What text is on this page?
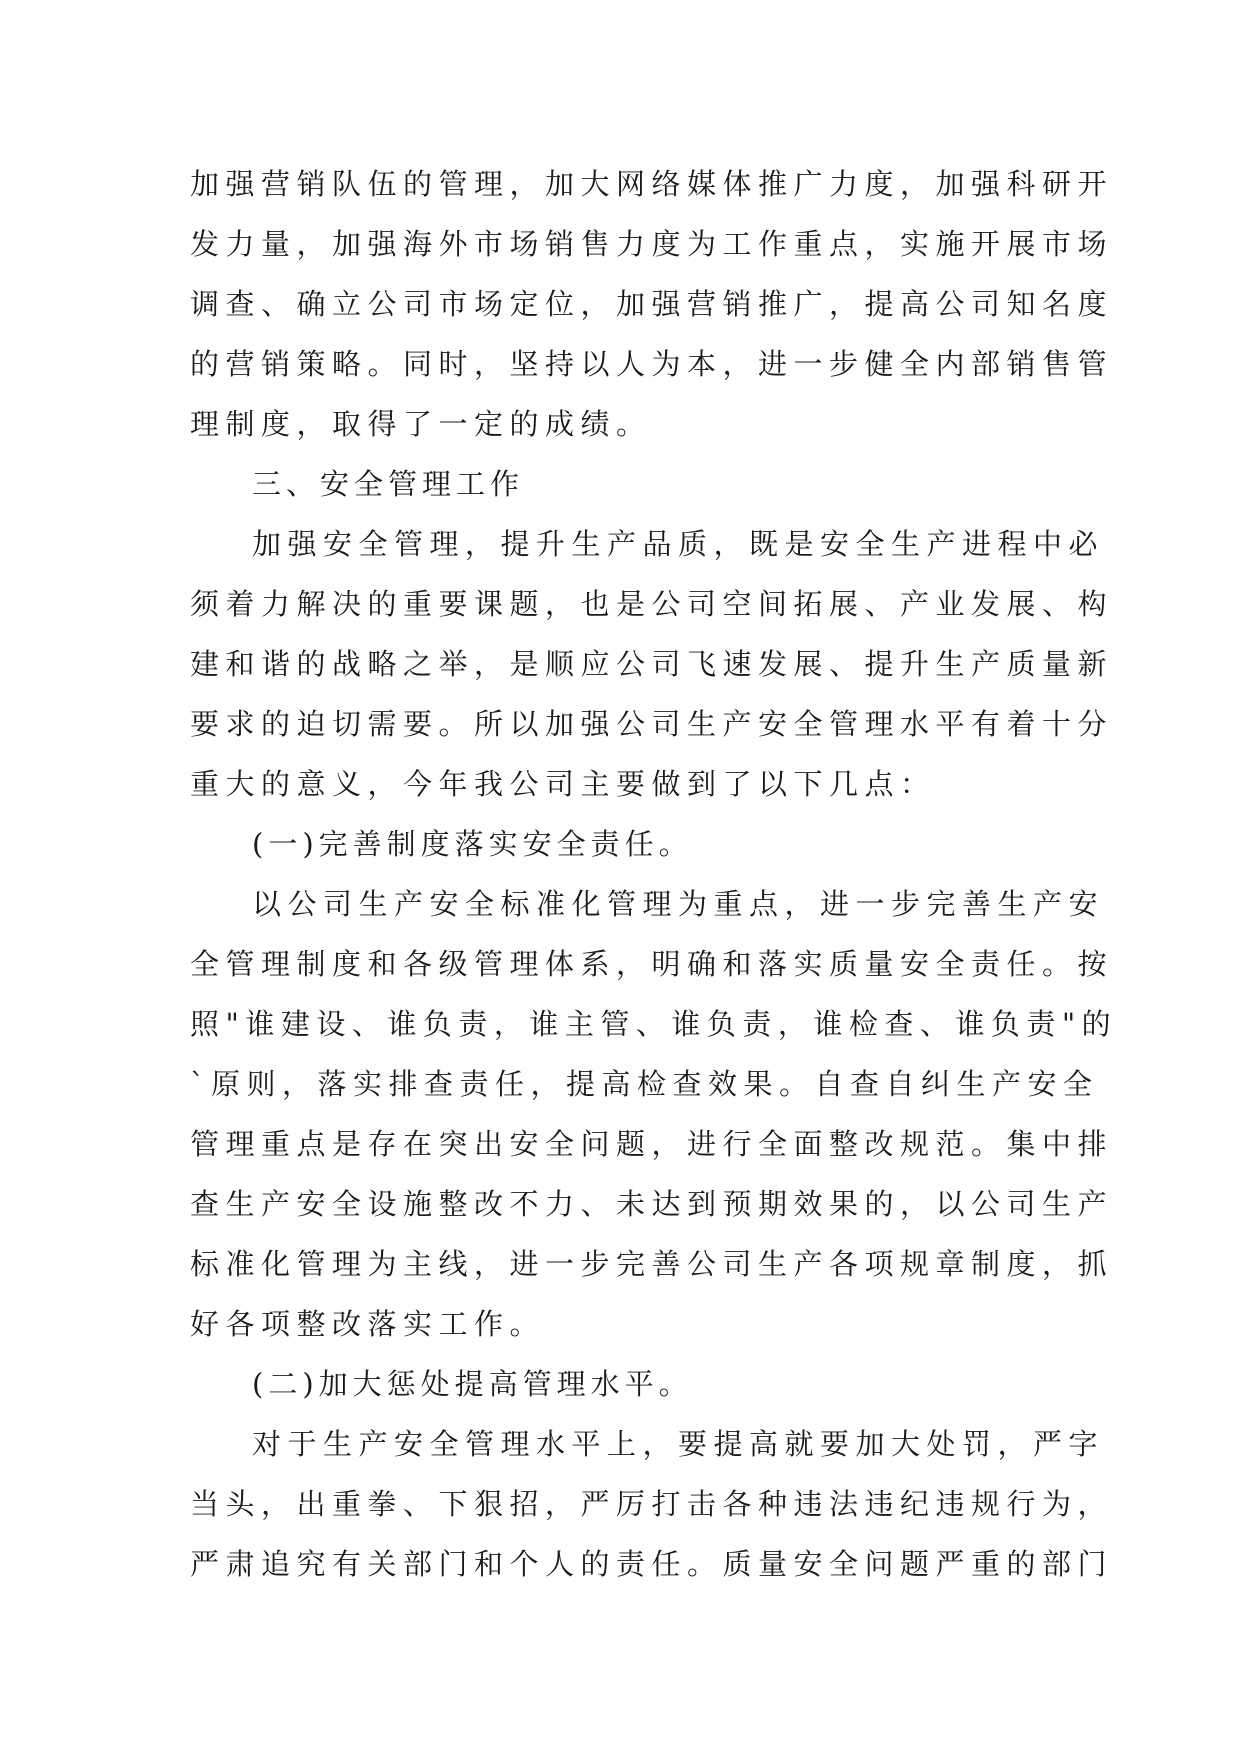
加强营销队伍的管理，加大网络媒体推广力度，加强科研开
发力量，加强海外市场销售力度为工作重点，实施开展市场
调查、确立公司市场定位，加强营销推广，提高公司知名度
的营销策略。同时，坚持以人为本，进一步健全内部销售管
理制度，取得了一定的成绩。
三、安全管理工作
加强安全管理，提升生产品质，既是安全生产进程中必
须着力解决的重要课题，也是公司空间拓展、产业发展、构
建和谐的战略之举，是顺应公司飞速发展、提升生产质量新
要求的迫切需要。所以加强公司生产安全管理水平有着十分
重大的意义，今年我公司主要做到了以下几点：
(一)完善制度落实安全责任。
以公司生产安全标准化管理为重点，进一步完善生产安
全管理制度和各级管理体系，明确和落实质量安全责任。按
照"谁建设、谁负责，谁主管、谁负责，谁检查、谁负责"的
`原则，落实排查责任，提高检查效果。自查自纠生产安全
管理重点是存在突出安全问题，进行全面整改规范。集中排
查生产安全设施整改不力、未达到预期效果的，以公司生产
标准化管理为主线，进一步完善公司生产各项规章制度，抓
好各项整改落实工作。
(二)加大惩处提高管理水平。
对于生产安全管理水平上，要提高就要加大处罚，严字
当头，出重拳、下狠招，严厉打击各种违法违纪违规行为，
严肃追究有关部门和个人的责任。质量安全问题严重的部门
